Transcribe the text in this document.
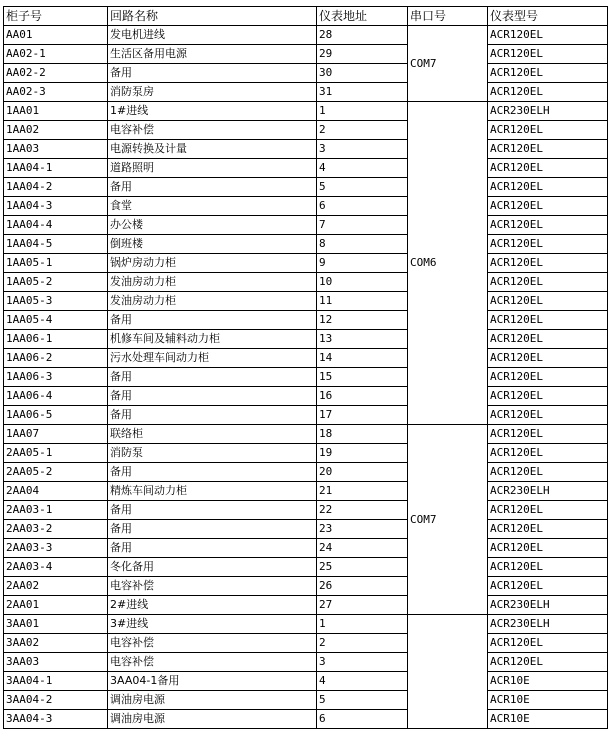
柜子号	回路名称	仪表地址	串口号	仪表型号
AA01	发电机进线	28	COM7	ACR120EL
AA02-1	生活区备用电源	29		ACR120EL
AA02-2	备用	30		ACR120EL
AA02-3	消防泵房	31		ACR120EL
1AA01	1#进线	1	COM6	ACR230ELH
1AA02	电容补偿	2		ACR120EL
1AA03	电源转换及计量	3		ACR120EL
1AA04-1	道路照明	4		ACR120EL
1AA04-2	备用	5		ACR120EL
1AA04-3	食堂	6		ACR120EL
1AA04-4	办公楼	7		ACR120EL
1AA04-5	倒班楼	8		ACR120EL
1AA05-1	锅炉房动力柜	9		ACR120EL
1AA05-2	发油房动力柜	10		ACR120EL
1AA05-3	发油房动力柜	11		ACR120EL
1AA05-4	备用	12		ACR120EL
1AA06-1	机修车间及辅料动力柜	13		ACR120EL
1AA06-2	污水处理车间动力柜	14		ACR120EL
1AA06-3	备用	15		ACR120EL
1AA06-4	备用	16		ACR120EL
1AA06-5	备用	17		ACR120EL
1AA07	联络柜	18	COM7	ACR120EL
2AA05-1	消防泵	19		ACR120EL
2AA05-2	备用	20		ACR120EL
2AA04	精炼车间动力柜	21		ACR230ELH
2AA03-1	备用	22		ACR120EL
2AA03-2	备用	23		ACR120EL
2AA03-3	备用	24		ACR120EL
2AA03-4	冬化备用	25		ACR120EL
2AA02	电容补偿	26		ACR120EL
2AA01	2#进线	27		ACR230ELH
3AA01	3#进线	1		ACR230ELH
3AA02	电容补偿	2		ACR120EL
3AA03	电容补偿	3		ACR120EL
3AA04-1	3AA04-1备用	4		ACR10E
3AA04-2	调油房电源	5		ACR10E
3AA04-3	调油房电源	6		ACR10E
